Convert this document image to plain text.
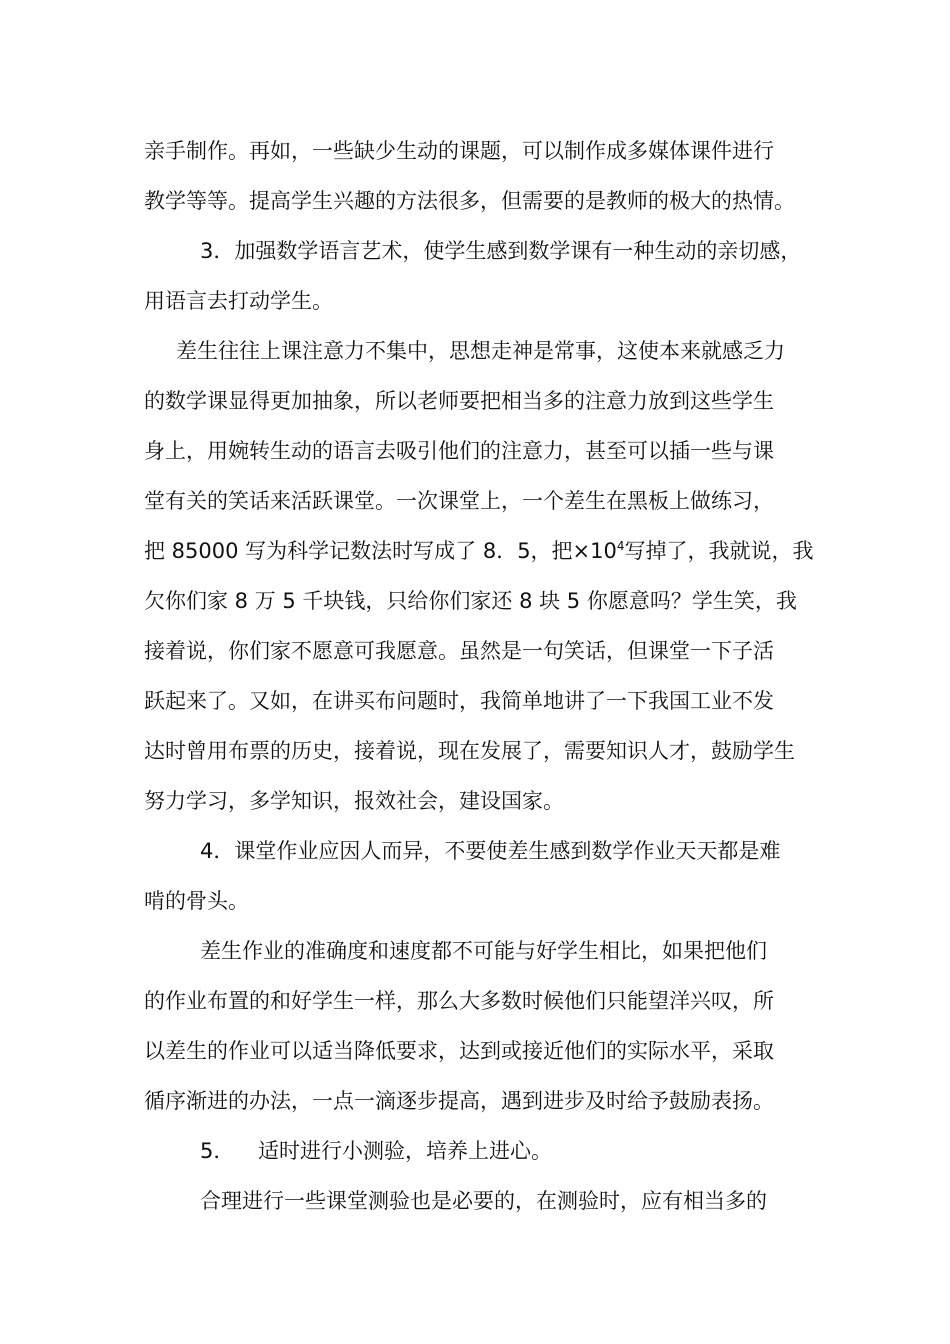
亲手制作。再如，一些缺少生动的课题，可以制作成多媒体课件进行
教学等等。提高学生兴趣的方法很多，但需要的是教师的极大的热情。
3．加强数学语言艺术，使学生感到数学课有一种生动的亲切感，
用语言去打动学生。
差生往往上课注意力不集中，思想走神是常事，这使本来就感乏力
的数学课显得更加抽象，所以老师要把相当多的注意力放到这些学生
身上，用婉转生动的语言去吸引他们的注意力，甚至可以插一些与课
堂有关的笑话来活跃课堂。一次课堂上，一个差生在黑板上做练习，
把 85000 写为科学记数法时写成了 8．5，把$\times 10^4$写掉了，我就说，我
欠你们家 8 万 5 千块钱，只给你们家还 8 块 5 你愿意吗？学生笑，我
接着说，你们家不愿意可我愿意。虽然是一句笑话，但课堂一下子活
跃起来了。又如，在讲买布问题时，我简单地讲了一下我国工业不发
达时曾用布票的历史，接着说，现在发展了，需要知识人才，鼓励学生
努力学习，多学知识，报效社会，建设国家。
4．课堂作业应因人而异，不要使差生感到数学作业天天都是难
啃的骨头。
差生作业的准确度和速度都不可能与好学生相比，如果把他们
的作业布置的和好学生一样，那么大多数时候他们只能望洋兴叹，所
以差生的作业可以适当降低要求，达到或接近他们的实际水平，采取
循序渐进的办法，一点一滴逐步提高，遇到进步及时给予鼓励表扬。
5． 适时进行小测验，培养上进心。
合理进行一些课堂测验也是必要的，在测验时，应有相当多的
